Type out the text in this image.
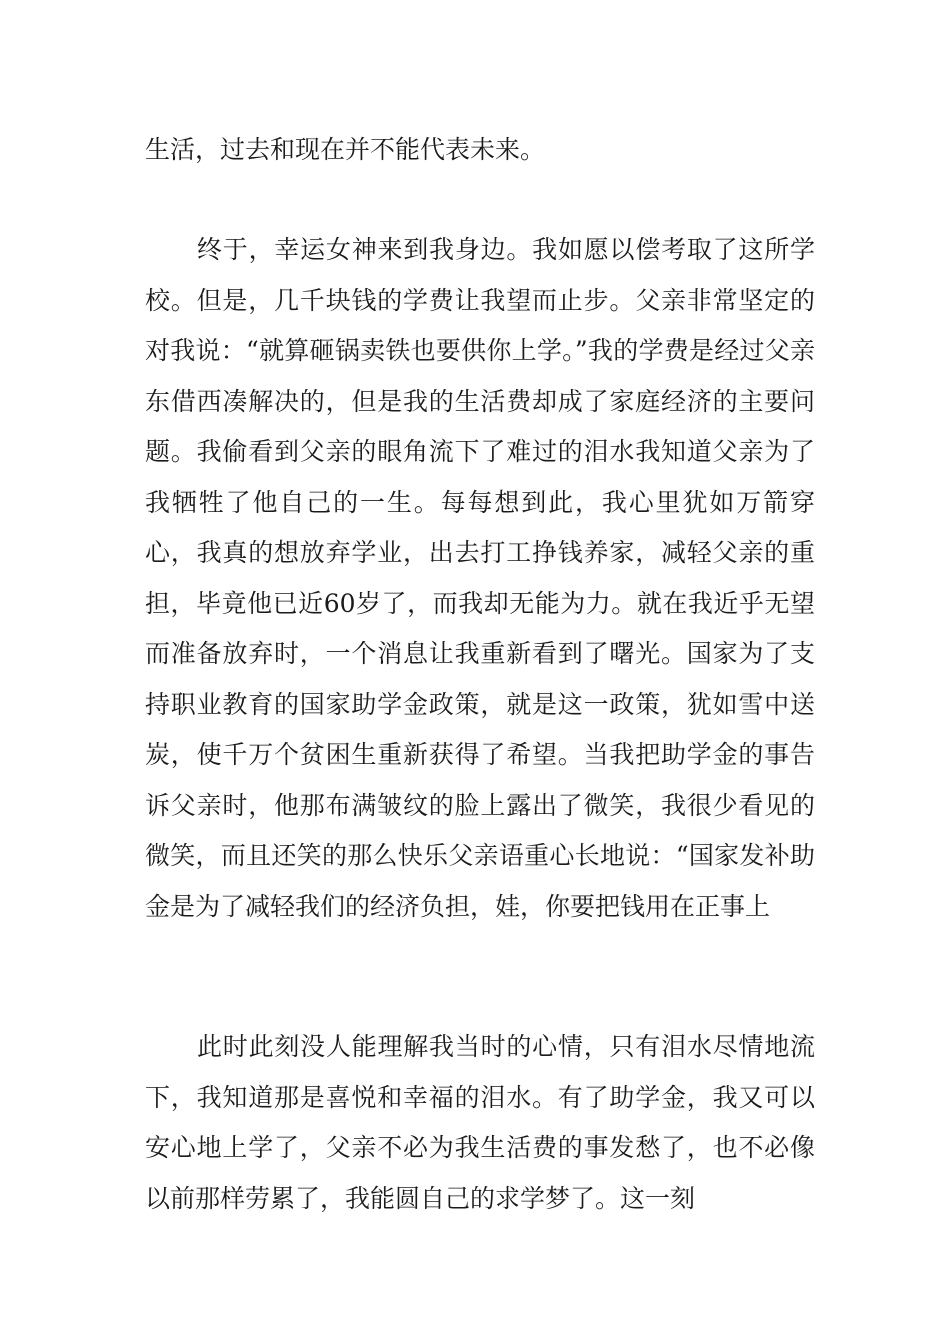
生活，过去和现在并不能代表未来。

终于，幸运女神来到我身边。我如愿以偿考取了这所学校。但是，几千块钱的学费让我望而止步。父亲非常坚定的对我说：“就算砸锅卖铁也要供你上学。”我的学费是经过父亲东借西凑解决的，但是我的生活费却成了家庭经济的主要问题。我偷看到父亲的眼角流下了难过的泪水我知道父亲为了我牺牲了他自己的一生。每每想到此，我心里犹如万箭穿心，我真的想放弃学业，出去打工挣钱养家，减轻父亲的重担，毕竟他已近60岁了，而我却无能为力。就在我近乎无望而准备放弃时，一个消息让我重新看到了曙光。国家为了支持职业教育的国家助学金政策，就是这一政策，犹如雪中送炭，使千万个贫困生重新获得了希望。当我把助学金的事告诉父亲时，他那布满皱纹的脸上露出了微笑，我很少看见的微笑，而且还笑的那么快乐父亲语重心长地说：“国家发补助金是为了减轻我们的经济负担，娃，你要把钱用在正事上

此时此刻没人能理解我当时的心情，只有泪水尽情地流下，我知道那是喜悦和幸福的泪水。有了助学金，我又可以安心地上学了，父亲不必为我生活费的事发愁了，也不必像以前那样劳累了，我能圆自己的求学梦了。这一刻
